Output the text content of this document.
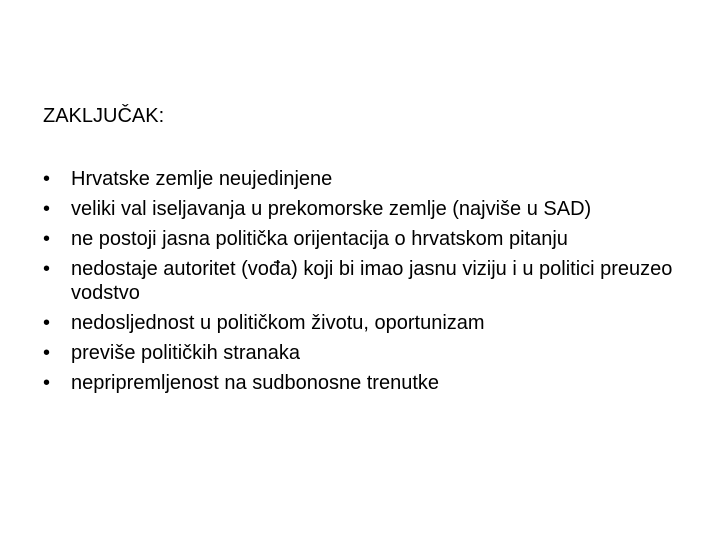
ZAKLJUČAK:
•	Hrvatske zemlje neujedinjene
•	veliki val iseljavanja u prekomorske zemlje (najviše u SAD)
•	ne postoji jasna politička orijentacija o hrvatskom pitanju
•	nedostaje autoritet (vođa) koji bi imao jasnu viziju i u politici preuzeo vodstvo
•	nedosljednost u političkom životu, oportunizam
•	previše političkih stranaka
•	nepripremljenost na sudbonosne trenutke
